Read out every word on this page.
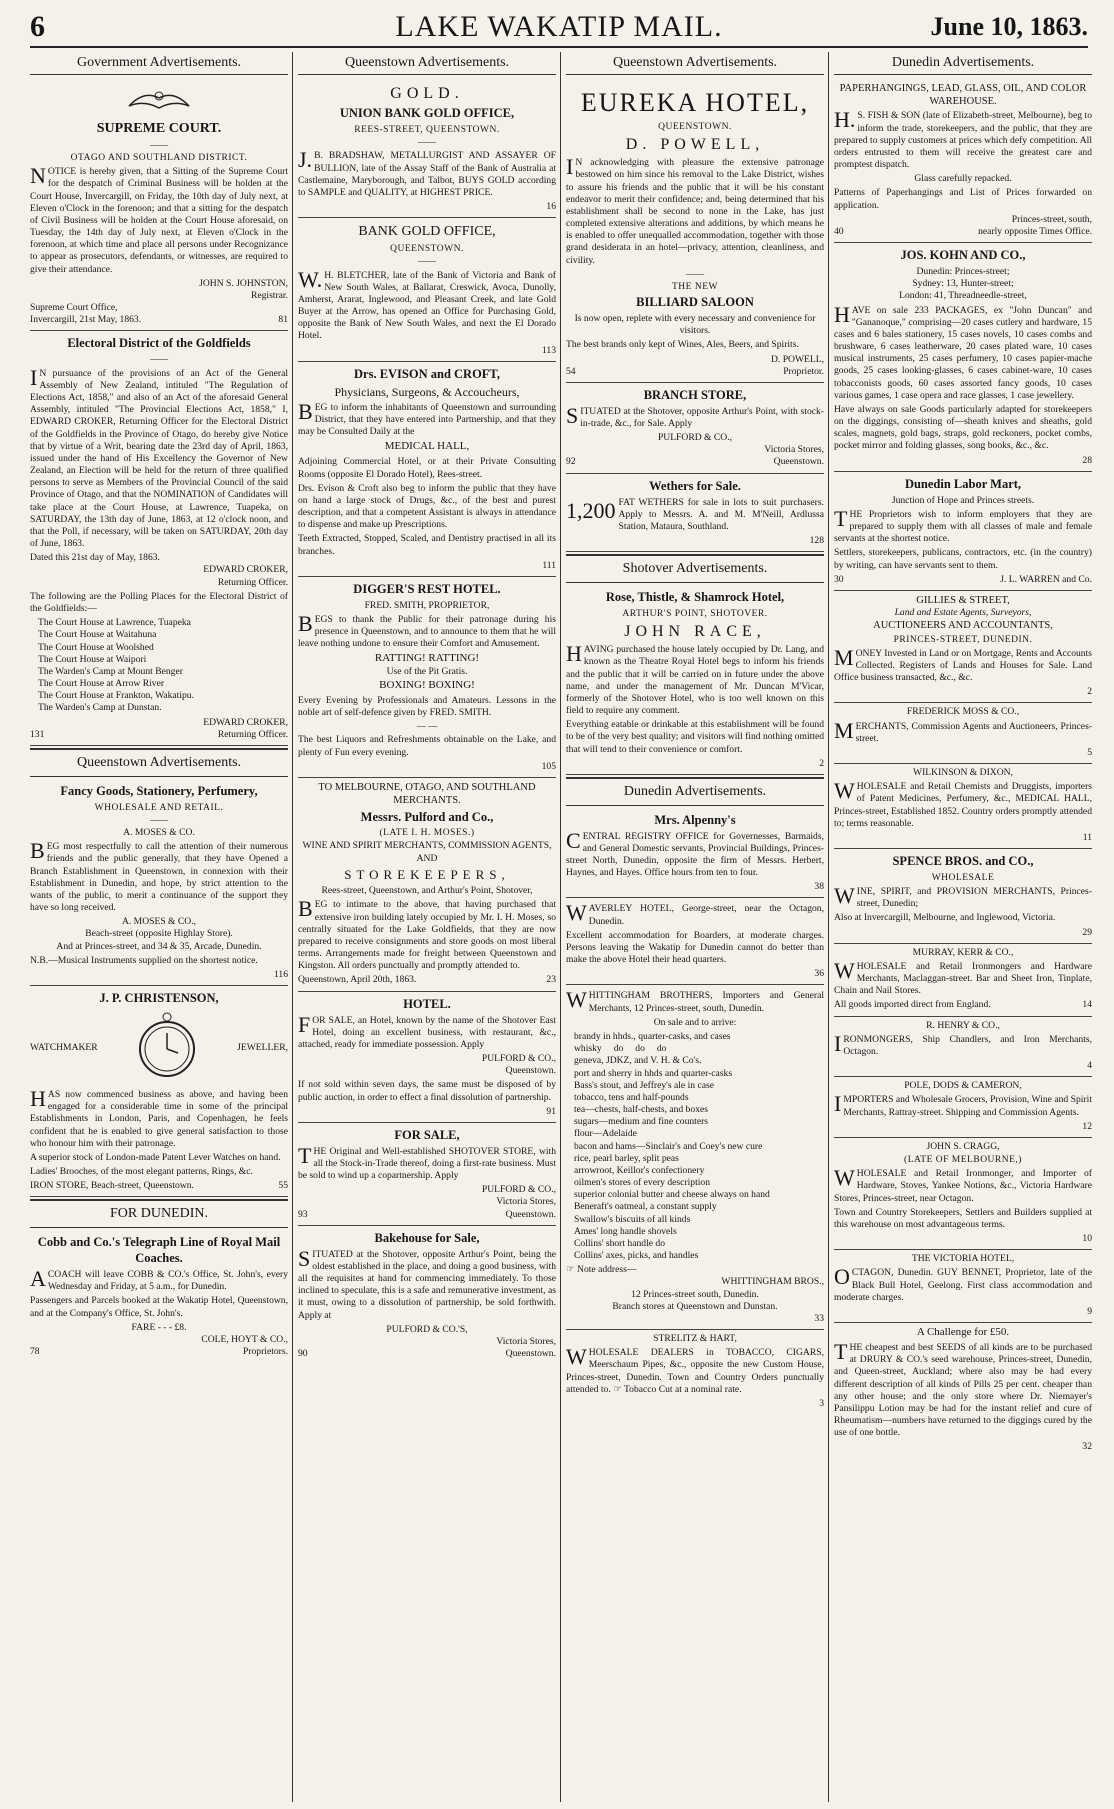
6	LAKE WAKATIP MAIL.	June 10, 1863.
Government Advertisements.
SUPREME COURT.
——
OTAGO AND SOUTHLAND DISTRICT.
NOTICE is hereby given, that a Sitting of the Supreme Court for the despatch of Criminal Business will be holden at the Court House, Invercargill, on Friday, the 10th day of July next, at Eleven o'Clock in the forenoon; and that a sitting for the despatch of Civil Business will be holden at the Court House aforesaid, on Tuesday, the 14th day of July next, at Eleven o'Clock in the forenoon, at which time and place all persons under Recognizance to appear as prosecutors, defendants, or witnesses, are required to give their attendance.
JOHN S. JOHNSTON,
Registrar.
Supreme Court Office,
Invercargill, 21st May, 1863.	81
Electoral District of the Goldfields
——
IN pursuance of the provisions of an Act of the General Assembly of New Zealand, intituled "The Regulation of Elections Act, 1858," and also of an Act of the aforesaid General Assembly, intituled "The Provincial Elections Act, 1858," I, EDWARD CROKER, Returning Officer for the Electoral District of the Goldfields in the Province of Otago, do hereby give Notice that by virtue of a Writ, bearing date the 23rd day of April, 1863, issued under the hand of His Excellency the Governor of New Zealand, an Election will be held for the return of three qualified persons to serve as Members of the Provincial Council of the said Province of Otago, and that the NOMINATION of Candidates will take place at the Court House, at Lawrence, Tuapeka, on SATURDAY, the 13th day of June, 1863, at 12 o'clock noon, and that the Poll, if necessary, will be taken on SATURDAY, 20th day of June, 1863.
Dated this 21st day of May, 1863.
EDWARD CROKER,
Returning Officer.
The following are the Polling Places for the Electoral District of the Goldfields:—
The Court House at Lawrence, Tuapeka
The Court House at Waitahuna
The Court House at Woolshed
The Court House at Waipori
The Warden's Camp at Mount Benger
The Court House at Arrow River
The Court House at Frankton, Wakatipu.
The Warden's Camp at Dunstan.
EDWARD CROKER,
131	Returning Officer.
Queenstown Advertisements.
Fancy Goods, Stationery, Perfumery,
WHOLESALE AND RETAIL.
——
A. MOSES & CO.
BEG most respectfully to call the attention of their numerous friends and the public generally, that they have Opened a Branch Establishment in Queenstown, in connexion with their Establishment in Dunedin, and hope, by strict attention to the wants of the public, to merit a continuance of the support they have so long received.
A. MOSES & CO.,
Beach-street (opposite Highlay Store).
And at Princes-street, and 34 & 35, Arcade, Dunedin.
N.B.—Musical Instruments supplied on the shortest notice.
116
J. P. CHRISTENSON,
WATCHMAKER	JEWELLER,
HAS now commenced business as above, and having been engaged for a considerable time in some of the principal Establishments in London, Paris, and Copenhagen, he feels confident that he is enabled to give general satisfaction to those who honour him with their patronage.
A superior stock of London-made Patent Lever Watches on hand.
Ladies' Brooches, of the most elegant patterns, Rings, &c.
IRON STORE, Beach-street, Queenstown.	55
FOR DUNEDIN.
Cobb and Co.'s Telegraph Line of Royal Mail Coaches.
ACOACH will leave COBB & CO.'s Office, St. John's, every Wednesday and Friday, at 5 a.m., for Dunedin.
Passengers and Parcels booked at the Wakatip Hotel, Queenstown, and at the Company's Office, St. John's.
FARE - - - £8.
COLE, HOYT & CO.,
78	Proprietors.
Queenstown Advertisements.
GOLD.
UNION BANK GOLD OFFICE,
REES-STREET, QUEENSTOWN.
——
J.B. BRADSHAW, METALLURGIST AND ASSAYER OF BULLION, late of the Assay Staff of the Bank of Australia at Castlemaine, Maryborough, and Talbot, BUYS GOLD according to SAMPLE and QUALITY, at HIGHEST PRICE.
16
BANK GOLD OFFICE,
QUEENSTOWN.
——
W.H. BLETCHER, late of the Bank of Victoria and Bank of New South Wales, at Ballarat, Creswick, Avoca, Dunolly, Amherst, Ararat, Inglewood, and Pleasant Creek, and late Gold Buyer at the Arrow, has opened an Office for Purchasing Gold, opposite the Bank of New South Wales, and next the El Dorado Hotel.
113
Drs. EVISON and CROFT,
Physicians, Surgeons, & Accoucheurs,
BEG to inform the inhabitants of Queenstown and surrounding District, that they have entered into Partnership, and that they may be Consulted Daily at the
MEDICAL HALL,
Adjoining Commercial Hotel, or at their Private Consulting Rooms (opposite El Dorado Hotel), Rees-street.
Drs. Evison & Croft also beg to inform the public that they have on hand a large stock of Drugs, &c., of the best and purest description, and that a competent Assistant is always in attendance to dispense and make up Prescriptions.
Teeth Extracted, Stopped, Scaled, and Dentistry practised in all its branches.
111
DIGGER'S REST HOTEL.
FRED. SMITH, PROPRIETOR,
BEGS to thank the Public for their patronage during his presence in Queenstown, and to announce to them that he will leave nothing undone to ensure their Comfort and Amusement.
RATTING! RATTING!
Use of the Pit Gratis.
BOXING! BOXING!
Every Evening by Professionals and Amateurs. Lessons in the noble art of self-defence given by FRED. SMITH.
— —
The best Liquors and Refreshments obtainable on the Lake, and plenty of Fun every evening.
105
TO MELBOURNE, OTAGO, AND SOUTHLAND MERCHANTS.
Messrs. Pulford and Co.,
(LATE I. H. MOSES.)
WINE AND SPIRIT MERCHANTS, COMMISSION AGENTS, AND
STOREKEEPERS,
Rees-street, Queenstown, and Arthur's Point, Shotover,
BEG to intimate to the above, that having purchased that extensive iron building lately occupied by Mr. I. H. Moses, so centrally situated for the Lake Goldfields, that they are now prepared to receive consignments and store goods on most liberal terms. Arrangements made for freight between Queenstown and Kingston. All orders punctually and promptly attended to.
Queenstown, April 20th, 1863.	23
HOTEL.
FOR SALE, an Hotel, known by the name of the Shotover East Hotel, doing an excellent business, with restaurant, &c., attached, ready for immediate possession. Apply
PULFORD & CO.,
Queenstown.
If not sold within seven days, the same must be disposed of by public auction, in order to effect a final dissolution of partnership.
91
FOR SALE,
THE Original and Well-established SHOTOVER STORE, with all the Stock-in-Trade thereof, doing a first-rate business. Must be sold to wind up a copartnership. Apply
PULFORD & CO.,
Victoria Stores,
93	Queenstown.
Bakehouse for Sale,
SITUATED at the Shotover, opposite Arthur's Point, being the oldest established in the place, and doing a good business, with all the requisites at hand for commencing immediately. To those inclined to speculate, this is a safe and remunerative investment, as it must, owing to a dissolution of partnership, be sold forthwith. Apply at
PULFORD & CO.'S,
Victoria Stores,
90	Queenstown.
Queenstown Advertisements.
EUREKA HOTEL,
QUEENSTOWN.
D. POWELL,
IN acknowledging with pleasure the extensive patronage bestowed on him since his removal to the Lake District, wishes to assure his friends and the public that it will be his constant endeavor to merit their confidence; and, being determined that his establishment shall be second to none in the Lake, has just completed extensive alterations and additions, by which means he is enabled to offer unequalled accommodation, together with those grand desiderata in an hotel—privacy, attention, cleanliness, and civility.
——
THE NEW
BILLIARD SALOON
Is now open, replete with every necessary and convenience for visitors.
The best brands only kept of Wines, Ales, Beers, and Spirits.
D. POWELL,
54	Proprietor.
BRANCH STORE,
SITUATED at the Shotover, opposite Arthur's Point, with stock-in-trade, &c., for Sale. Apply
PULFORD & CO.,
Victoria Stores,
92	Queenstown.
Wethers for Sale.
1,200 FAT WETHERS for sale in lots to suit purchasers. Apply to Messrs. A. and M. M'Neill, Ardlussa Station, Mataura, Southland.
128
Shotover Advertisements.
Rose, Thistle, & Shamrock Hotel,
ARTHUR'S POINT, SHOTOVER.
JOHN RACE,
HAVING purchased the house lately occupied by Dr. Lang, and known as the Theatre Royal Hotel begs to inform his friends and the public that it will be carried on in future under the above name, and under the management of Mr. Duncan M'Vicar, formerly of the Shotover Hotel, who is too well known on this field to require any comment.
Everything eatable or drinkable at this establishment will be found to be of the very best quality; and visitors will find nothing omitted that will tend to their convenience or comfort.
2
Dunedin Advertisements.
Mrs. Alpenny's
CENTRAL REGISTRY OFFICE for Governesses, Barmaids, and General Domestic servants, Provincial Buildings, Princes-street North, Dunedin, opposite the firm of Messrs. Herbert, Haynes, and Hayes. Office hours from ten to four.
38
WAVERLEY HOTEL, George-street, near the Octagon, Dunedin.
Excellent accommodation for Boarders, at moderate charges. Persons leaving the Wakatip for Dunedin cannot do better than make the above Hotel their head quarters.
36
WHITTINGHAM BROTHERS, Importers and General Merchants, 12 Princes-street, south, Dunedin.
On sale and to arrive:
brandy in hhds., quarter-casks, and cases
whisky     do     do     do
geneva, JDKZ, and V. H. & Co's.
port and sherry in hhds and quarter-casks
Bass's stout, and Jeffrey's ale in case
tobacco, tens and half-pounds
tea—chests, half-chests, and boxes
sugars—medium and fine counters
flour—Adelaide
bacon and hams—Sinclair's and Coey's new cure
rice, pearl barley, split peas
arrowroot, Keillor's confectionery
oilmen's stores of every description
superior colonial butter and cheese always on hand
Beneraft's oatmeal, a constant supply
Swallow's biscuits of all kinds
Ames' long handle shovels
Collins' short handle do
Collins' axes, picks, and handles
☞ Note address—
WHITTINGHAM BROS.,
12 Princes-street south, Dunedin.
Branch stores at Queenstown and Dunstan.
33
STRELITZ & HART,
WHOLESALE DEALERS in TOBACCO, CIGARS, Meerschaum Pipes, &c., opposite the new Custom House, Princes-street, Dunedin. Town and Country Orders punctually attended to. ☞ Tobacco Cut at a nominal rate.
3
Dunedin Advertisements.
PAPERHANGINGS, LEAD, GLASS, OIL, AND COLOR WAREHOUSE.
H.S. FISH & SON (late of Elizabeth-street, Melbourne), beg to inform the trade, storekeepers, and the public, that they are prepared to supply customers at prices which defy competition. All orders entrusted to them will receive the greatest care and promptest dispatch.
Glass carefully repacked.
Patterns of Paperhangings and List of Prices forwarded on application.
Princes-street, south,
40	nearly opposite Times Office.
JOS. KOHN AND CO.,
Dunedin: Princes-street;
Sydney: 13, Hunter-street;
London: 41, Threadneedle-street,
HAVE on sale 233 PACKAGES, ex "John Duncan" and "Gananoque," comprising—20 cases cutlery and hardware, 15 cases and 6 bales stationery, 15 cases novels, 10 cases combs and brushware, 6 cases leatherware, 20 cases plated ware, 10 cases musical instruments, 25 cases perfumery, 10 cases papier-mache goods, 25 cases looking-glasses, 6 cases cabinet-ware, 10 cases tobacconists goods, 60 cases assorted fancy goods, 10 cases various games, 1 case opera and race glasses, 1 case jewellery.
Have always on sale Goods particularly adapted for storekeepers on the diggings, consisting of—sheath knives and sheaths, gold scales, magnets, gold bags, straps, gold reckoners, pocket combs, pocket mirror and folding glasses, song books, &c., &c.
28
Dunedin Labor Mart,
Junction of Hope and Princes streets.
THE Proprietors wish to inform employers that they are prepared to supply them with all classes of male and female servants at the shortest notice.
Settlers, storekeepers, publicans, contractors, etc. (in the country) by writing, can have servants sent to them.
30	J. L. WARREN and Co.
GILLIES & STREET,
Land and Estate Agents, Surveyors,
AUCTIONEERS AND ACCOUNTANTS,
PRINCES-STREET, DUNEDIN.
MONEY Invested in Land or on Mortgage, Rents and Accounts Collected. Registers of Lands and Houses for Sale. Land Office business transacted, &c., &c.
2
FREDERICK MOSS & CO.,
MERCHANTS, Commission Agents and Auctioneers, Princes-street.
5
WILKINSON & DIXON,
WHOLESALE and Retail Chemists and Druggists, importers of Patent Medicines, Perfumery, &c., MEDICAL HALL, Princes-street, Established 1852. Country orders promptly attended to; terms reasonable.
11
SPENCE BROS. and CO.,
WHOLESALE
WINE, SPIRIT, and PROVISION MERCHANTS, Princes-street, Dunedin;
Also at Invercargill, Melbourne, and Inglewood, Victoria.
29
MURRAY, KERR & CO.,
WHOLESALE and Retail Ironmongers and Hardware Merchants, Maclaggan-street. Bar and Sheet Iron, Tinplate, Chain and Nail Stores.
All goods imported direct from England.	14
R. HENRY & CO.,
IRONMONGERS, Ship Chandlers, and Iron Merchants, Octagon.
4
POLE, DODS & CAMERON,
IMPORTERS and Wholesale Grocers, Provision, Wine and Spirit Merchants, Rattray-street. Shipping and Commission Agents.
12
JOHN S. CRAGG,
(LATE OF MELBOURNE,)
WHOLESALE and Retail Ironmonger, and Importer of Hardware, Stoves, Yankee Notions, &c., Victoria Hardware Stores, Princes-street, near Octagon.
Town and Country Storekeepers, Settlers and Builders supplied at this warehouse on most advantageous terms.
10
THE VICTORIA HOTEL,
OCTAGON, Dunedin. GUY BENNET, Proprietor, late of the Black Bull Hotel, Geelong. First class accommodation and moderate charges.
9
A Challenge for £50.
THE cheapest and best SEEDS of all kinds are to be purchased at DRURY & CO.'s seed warehouse, Princes-street, Dunedin, and Queen-street, Auckland; where also may be had every different description of all kinds of Pills 25 per cent. cheaper than any other house; and the only store where Dr. Niemayer's Pansilippu Lotion may be had for the instant relief and cure of Rheumatism—numbers have returned to the diggings cured by the use of one bottle.
32
